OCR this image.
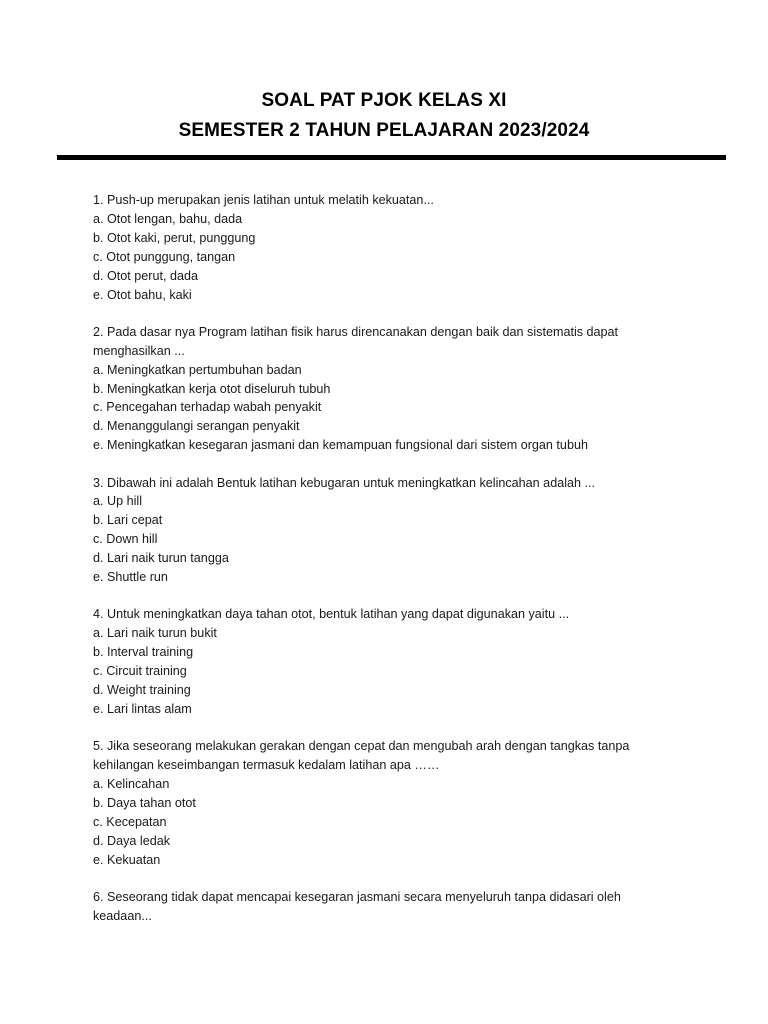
SOAL PAT PJOK KELAS XI
SEMESTER 2 TAHUN PELAJARAN 2023/2024
1. Push-up merupakan jenis latihan untuk melatih kekuatan...
a. Otot lengan, bahu, dada
b. Otot kaki, perut, punggung
c. Otot punggung, tangan
d. Otot perut, dada
e. Otot bahu, kaki
2. Pada dasar nya Program latihan fisik harus direncanakan dengan baik dan sistematis dapat menghasilkan ...
a. Meningkatkan pertumbuhan badan
b. Meningkatkan kerja otot diseluruh tubuh
c. Pencegahan terhadap wabah penyakit
d. Menanggulangi serangan penyakit
e. Meningkatkan kesegaran jasmani dan kemampuan fungsional dari sistem organ tubuh
3. Dibawah ini adalah Bentuk latihan kebugaran untuk meningkatkan kelincahan adalah ...
a. Up hill
b. Lari cepat
c. Down hill
d. Lari naik turun tangga
e. Shuttle run
4. Untuk meningkatkan daya tahan otot, bentuk latihan yang dapat digunakan yaitu ...
a. Lari naik turun bukit
b. Interval training
c. Circuit training
d. Weight training
e. Lari lintas alam
5. Jika seseorang melakukan gerakan dengan cepat dan mengubah arah dengan tangkas tanpa kehilangan keseimbangan termasuk kedalam latihan apa ……
a. Kelincahan
b. Daya tahan otot
c. Kecepatan
d. Daya ledak
e. Kekuatan
6. Seseorang tidak dapat mencapai kesegaran jasmani secara menyeluruh tanpa didasari oleh keadaan...
